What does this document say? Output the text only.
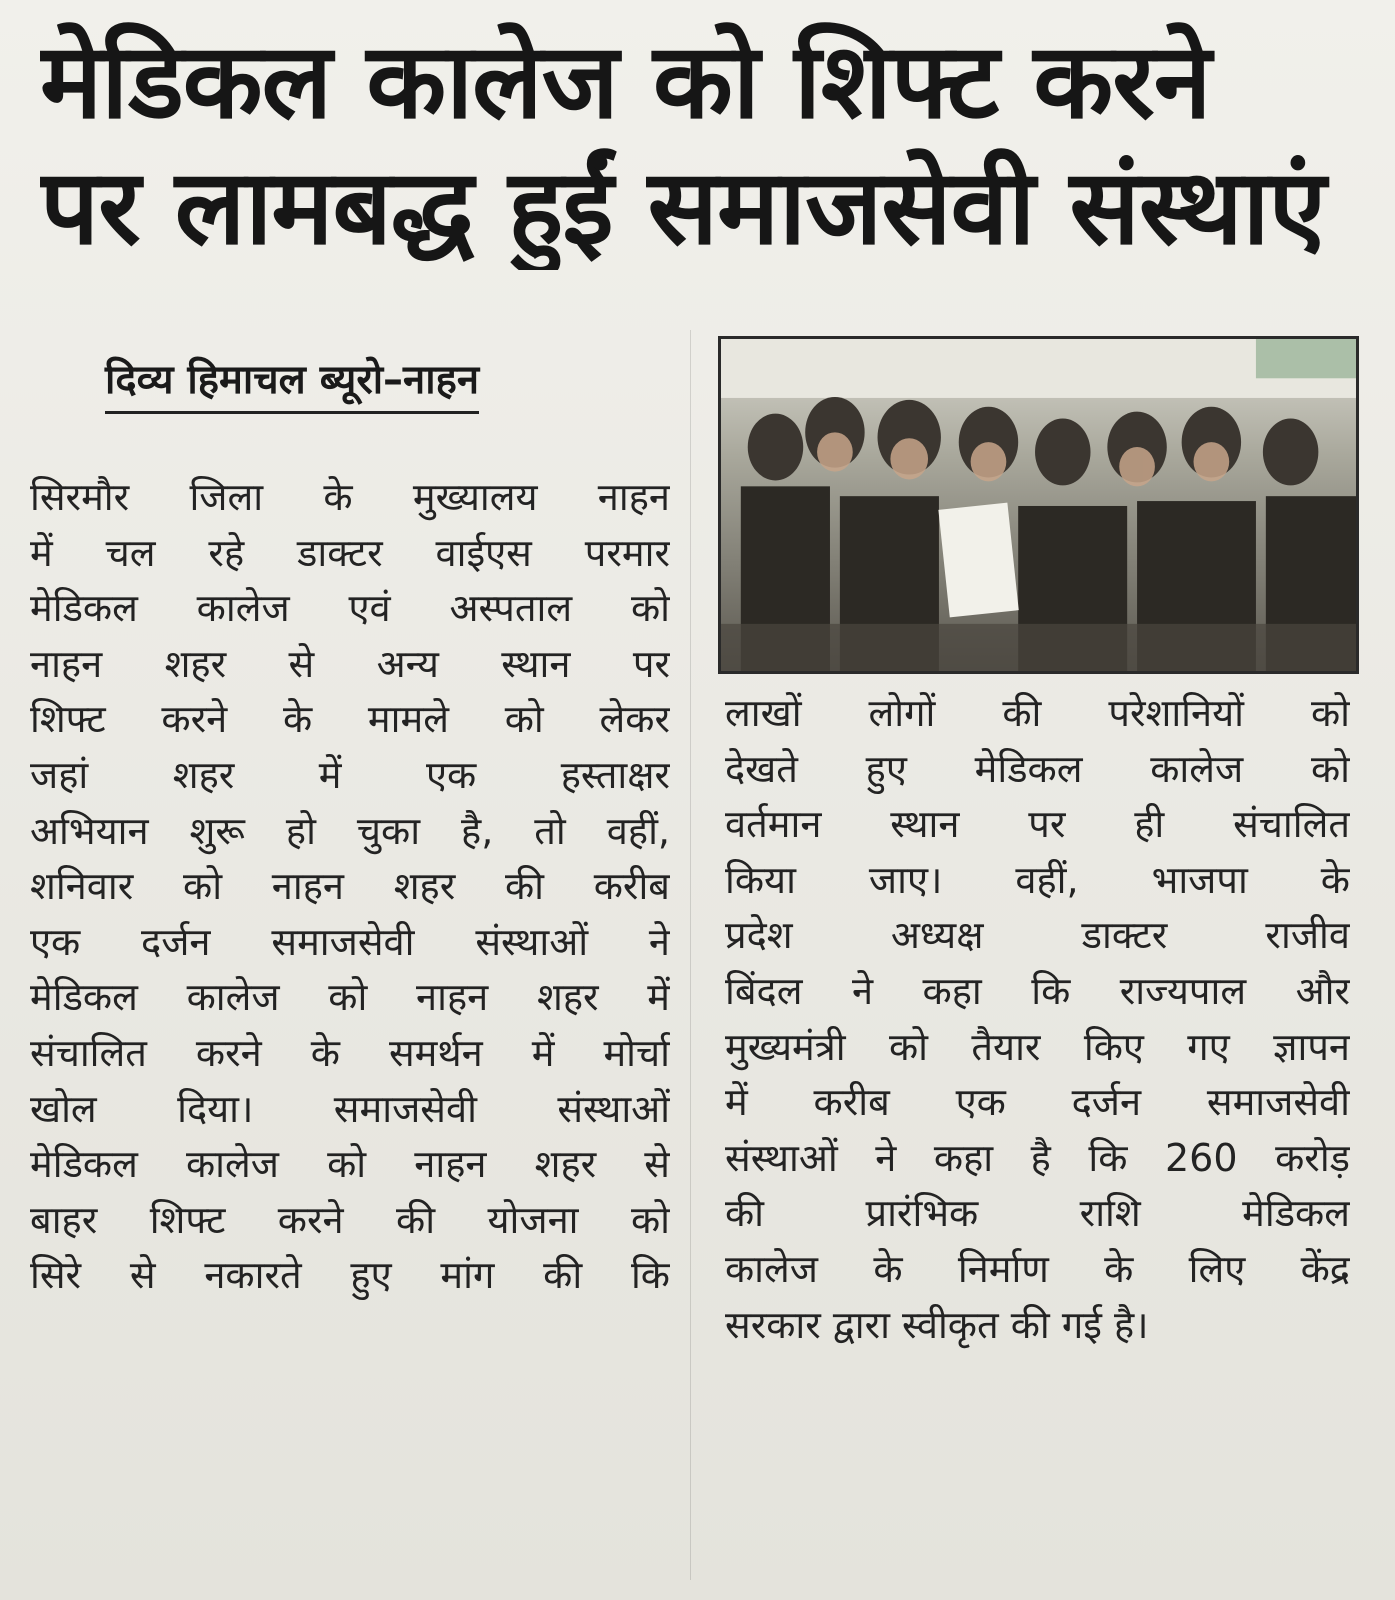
मेडिकल कालेज को शिफ्ट करने
पर लामबद्ध हुईं समाजसेवी संस्थाएं
दिव्य हिमाचल ब्यूरो–नाहन
सिरमौर जिला के मुख्यालय नाहन
में चल रहे डाक्टर वाईएस परमार
मेडिकल कालेज एवं अस्पताल को
नाहन शहर से अन्य स्थान पर
शिफ्ट करने के मामले को लेकर
जहां शहर में एक हस्ताक्षर
अभियान शुरू हो चुका है, तो वहीं,
शनिवार को नाहन शहर की करीब
एक दर्जन समाजसेवी संस्थाओं ने
मेडिकल कालेज को नाहन शहर में
संचालित करने के समर्थन में मोर्चा
खोल दिया। समाजसेवी संस्थाओं
मेडिकल कालेज को नाहन शहर से
बाहर शिफ्ट करने की योजना को
सिरे से नकारते हुए मांग की कि
लाखों लोगों की परेशानियों को
देखते हुए मेडिकल कालेज को
वर्तमान स्थान पर ही संचालित
किया जाए। वहीं, भाजपा के
प्रदेश अध्यक्ष डाक्टर राजीव
बिंदल ने कहा कि राज्यपाल और
मुख्यमंत्री को तैयार किए गए ज्ञापन
में करीब एक दर्जन समाजसेवी
संस्थाओं ने कहा है कि 260 करोड़
की प्रारंभिक राशि मेडिकल
कालेज के निर्माण के लिए केंद्र
सरकार द्वारा स्वीकृत की गई है।
